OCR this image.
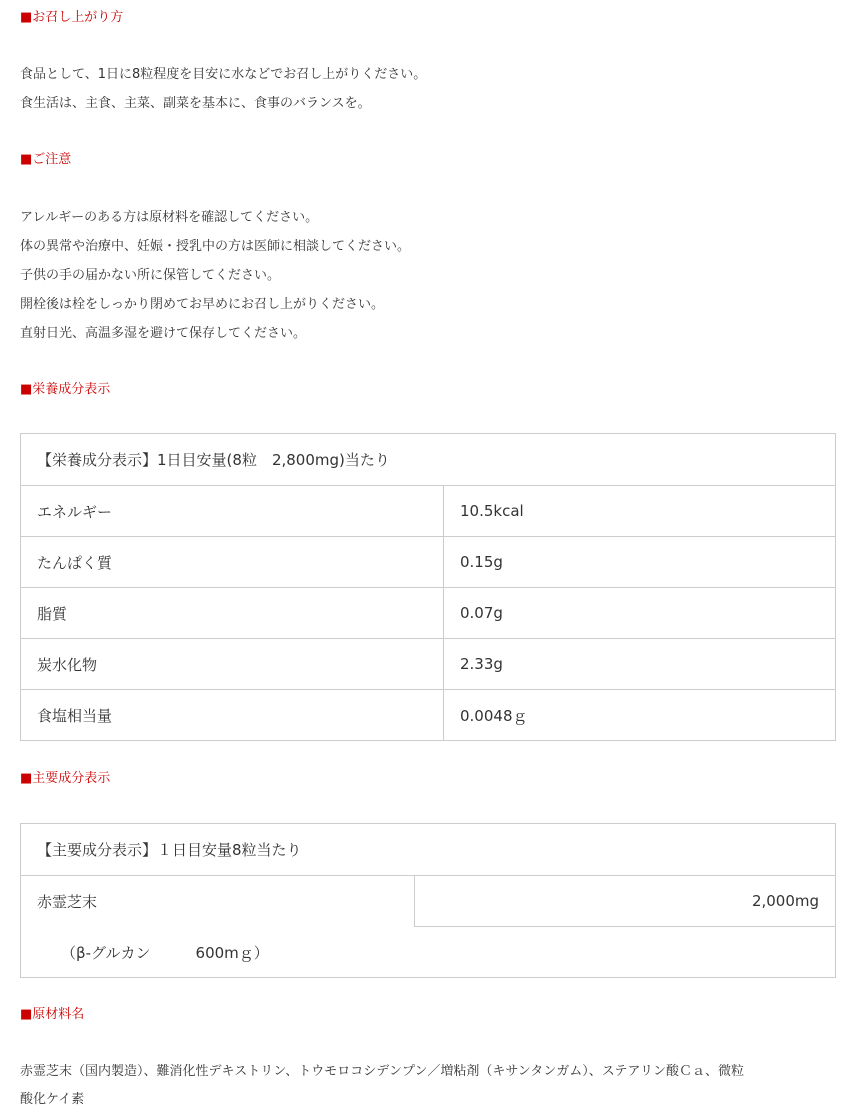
■お召し上がり方
食品として、1日に8粒程度を目安に水などでお召し上がりください。
食生活は、主食、主菜、副菜を基本に、食事のバランスを。
■ご注意
アレルギーのある方は原材料を確認してください。
体の異常や治療中、妊娠・授乳中の方は医師に相談してください。
子供の手の届かない所に保管してください。
開栓後は栓をしっかり閉めてお早めにお召し上がりください。
直射日光、高温多湿を避けて保存してください。
■栄養成分表示
【栄養成分表示】1日目安量(8粒　2,800mg)当たり	
エネルギー	10.5kcal
たんぱく質	0.15g
脂質	0.07g
炭水化物	2.33g
食塩相当量	0.0048ｇ
■主要成分表示
【主要成分表示】１日目安量8粒当たり
赤霊芝末	2,000mg
（β-グルカン　　　600mｇ）
■原材料名
赤霊芝末（国内製造）、難消化性デキストリン、トウモロコシデンプン／増粘剤（キサンタンガム）、ステアリン酸Ｃａ、微粒
酸化ケイ素
